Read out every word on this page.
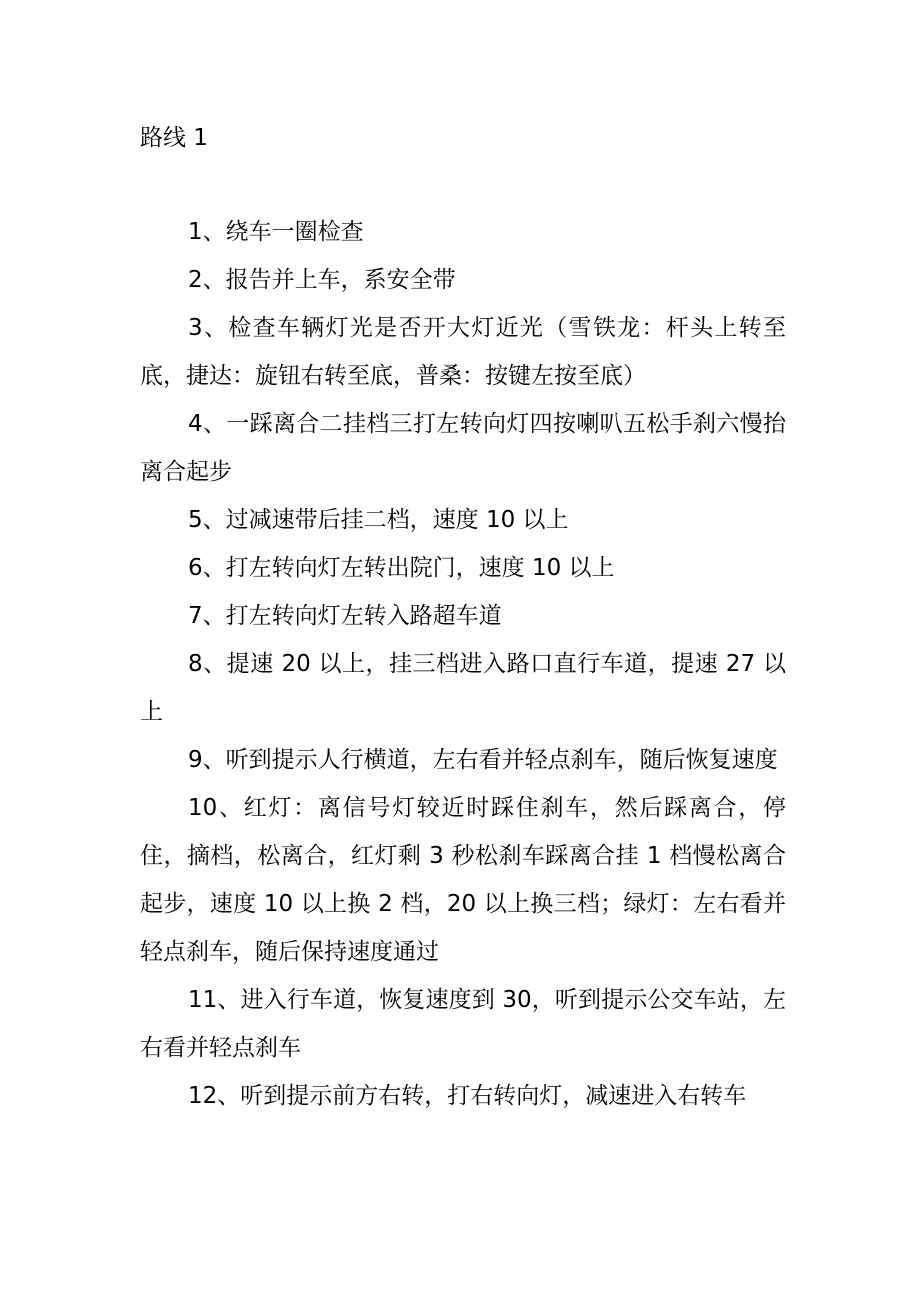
路线 1

1、绕车一圈检查

2、报告并上车，系安全带

3、检查车辆灯光是否开大灯近光（雪铁龙：杆头上转至底，捷达：旋钮右转至底，普桑：按键左按至底）

4、一踩离合二挂档三打左转向灯四按喇叭五松手刹六慢抬离合起步

5、过减速带后挂二档，速度 10 以上

6、打左转向灯左转出院门，速度 10 以上

7、打左转向灯左转入路超车道

8、提速 20 以上，挂三档进入路口直行车道，提速 27 以上

9、听到提示人行横道，左右看并轻点刹车，随后恢复速度

10、红灯：离信号灯较近时踩住刹车，然后踩离合，停住，摘档，松离合，红灯剩 3 秒松刹车踩离合挂 1 档慢松离合起步，速度 10 以上换 2 档，20 以上换三档；绿灯：左右看并轻点刹车，随后保持速度通过

11、进入行车道，恢复速度到 30，听到提示公交车站，左右看并轻点刹车

12、听到提示前方右转，打右转向灯，减速进入右转车
